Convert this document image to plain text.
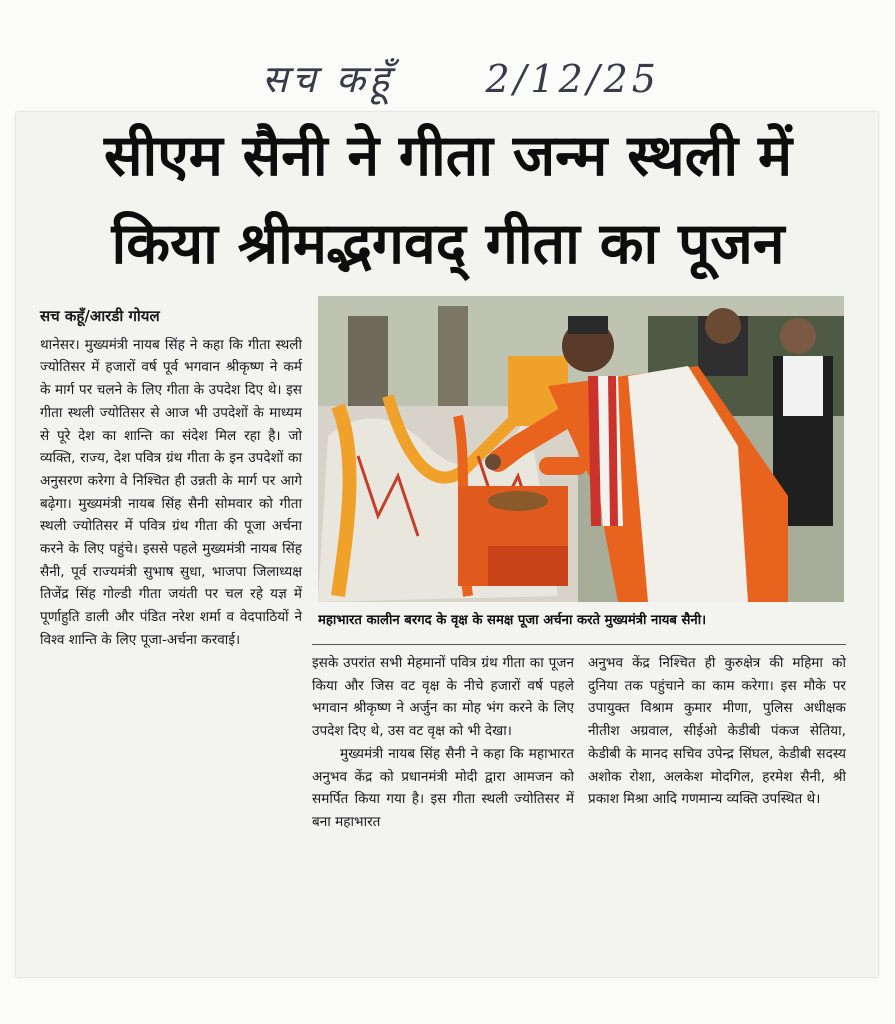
सच कहूँ 2/12/25
सीएम सैनी ने गीता जन्म स्थली में
किया श्रीमद्भगवद् गीता का पूजन
सच कहूँ/आरडी गोयल
थानेसर। मुख्यमंत्री नायब सिंह ने कहा कि गीता स्थली ज्योतिसर में हजारों वर्ष पूर्व भगवान श्रीकृष्ण ने कर्म के मार्ग पर चलने के लिए गीता के उपदेश दिए थे। इस गीता स्थली ज्योतिसर से आज भी उपदेशों के माध्यम से पूरे देश का शान्ति का संदेश मिल रहा है। जो व्यक्ति, राज्य, देश पवित्र ग्रंथ गीता के इन उपदेशों का अनुसरण करेगा वे निश्चित ही उन्नती के मार्ग पर आगे बढ़ेगा। मुख्यमंत्री नायब सिंह सैनी सोमवार को गीता स्थली ज्योतिसर में पवित्र ग्रंथ गीता की पूजा अर्चना करने के लिए पहुंचे। इससे पहले मुख्यमंत्री नायब सिंह सैनी, पूर्व राज्यमंत्री सुभाष सुधा, भाजपा जिलाध्यक्ष तिजेंद्र सिंह गोल्डी गीता जयंती पर चल रहे यज्ञ में पूर्णाहुति डाली और पंडित नरेश शर्मा व वेदपाठियों ने विश्व शान्ति के लिए पूजा-अर्चना करवाई।
महाभारत कालीन बरगद के वृक्ष के समक्ष पूजा अर्चना करते मुख्यमंत्री नायब सैनी।
इसके उपरांत सभी मेहमानों पवित्र ग्रंथ गीता का पूजन किया और जिस वट वृक्ष के नीचे हजारों वर्ष पहले भगवान श्रीकृष्ण ने अर्जुन का मोह भंग करने के लिए उपदेश दिए थे, उस वट वृक्ष को भी देखा।
मुख्यमंत्री नायब सिंह सैनी ने कहा कि महाभारत अनुभव केंद्र को प्रधानमंत्री मोदी द्वारा आमजन को समर्पित किया गया है। इस गीता स्थली ज्योतिसर में बना महाभारत
अनुभव केंद्र निश्चित ही कुरुक्षेत्र की महिमा को दुनिया तक पहुंचाने का काम करेगा। इस मौके पर उपायुक्त विश्राम कुमार मीणा, पुलिस अधीक्षक नीतीश अग्रवाल, सीईओ केडीबी पंकज सेतिया, केडीबी के मानद सचिव उपेन्द्र सिंघल, केडीबी सदस्य अशोक रोशा, अलकेश मोदगिल, हरमेश सैनी, श्री प्रकाश मिश्रा आदि गणमान्य व्यक्ति उपस्थित थे।
